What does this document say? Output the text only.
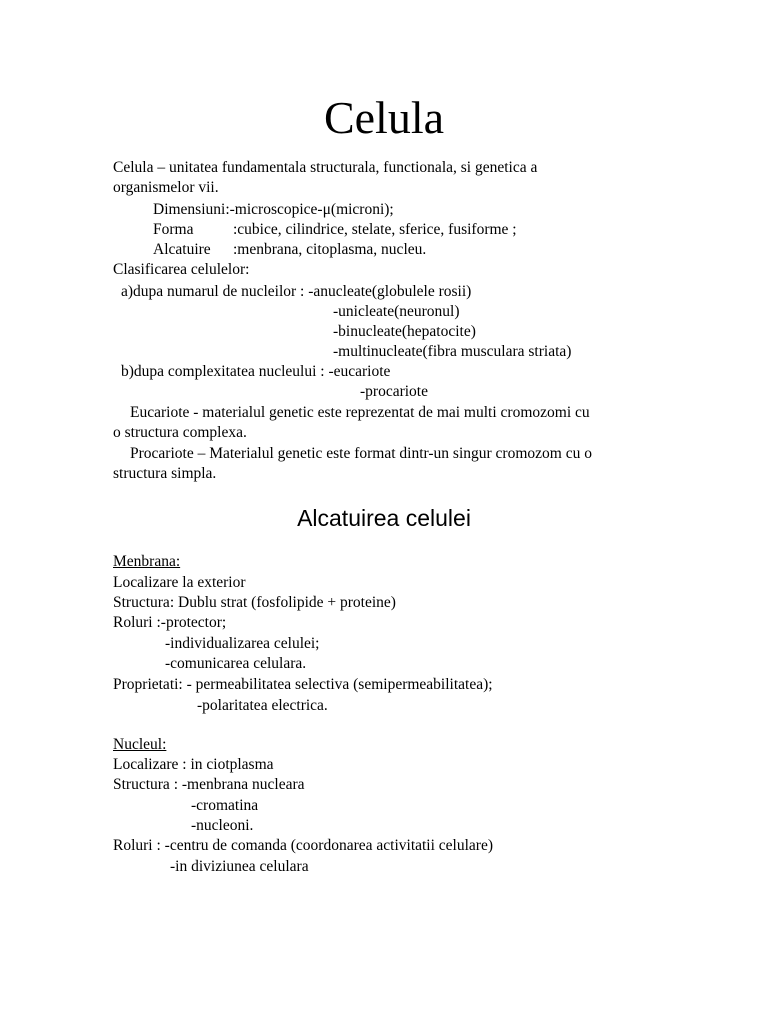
Celula

Celula – unitatea fundamentala structurala, functionala, si genetica a

organismelor vii.

Dimensiuni:-microscopice-μ(microni);

Forma	:cubice, cilindrice, stelate, sferice, fusiforme ;

Alcatuire :menbrana, citoplasma, nucleu.

Clasificarea celulelor:

a)dupa numarul de nucleilor : -anucleate(globulele rosii)

-unicleate(neuronul)

-binucleate(hepatocite)

-multinucleate(fibra musculara striata)

b)dupa complexitatea nucleului : -eucariote

-procariote

Eucariote - materialul genetic este reprezentat de mai multi cromozomi cu

o structura complexa.

Procariote – Materialul genetic este format dintr-un singur cromozom cu o

structura simpla.

Alcatuirea celulei

Menbrana:

Localizare la exterior

Structura: Dublu strat (fosfolipide + proteine)

Roluri :-protector;

-individualizarea celulei;

-comunicarea celulara.

Proprietati: - permeabilitatea selectiva (semipermeabilitatea);

-polaritatea electrica.

Nucleul:

Localizare : in ciotplasma

Structura : -menbrana nucleara

-cromatina

-nucleoni.

Roluri : -centru de comanda (coordonarea activitatii celulare)

-in diviziunea celulara
